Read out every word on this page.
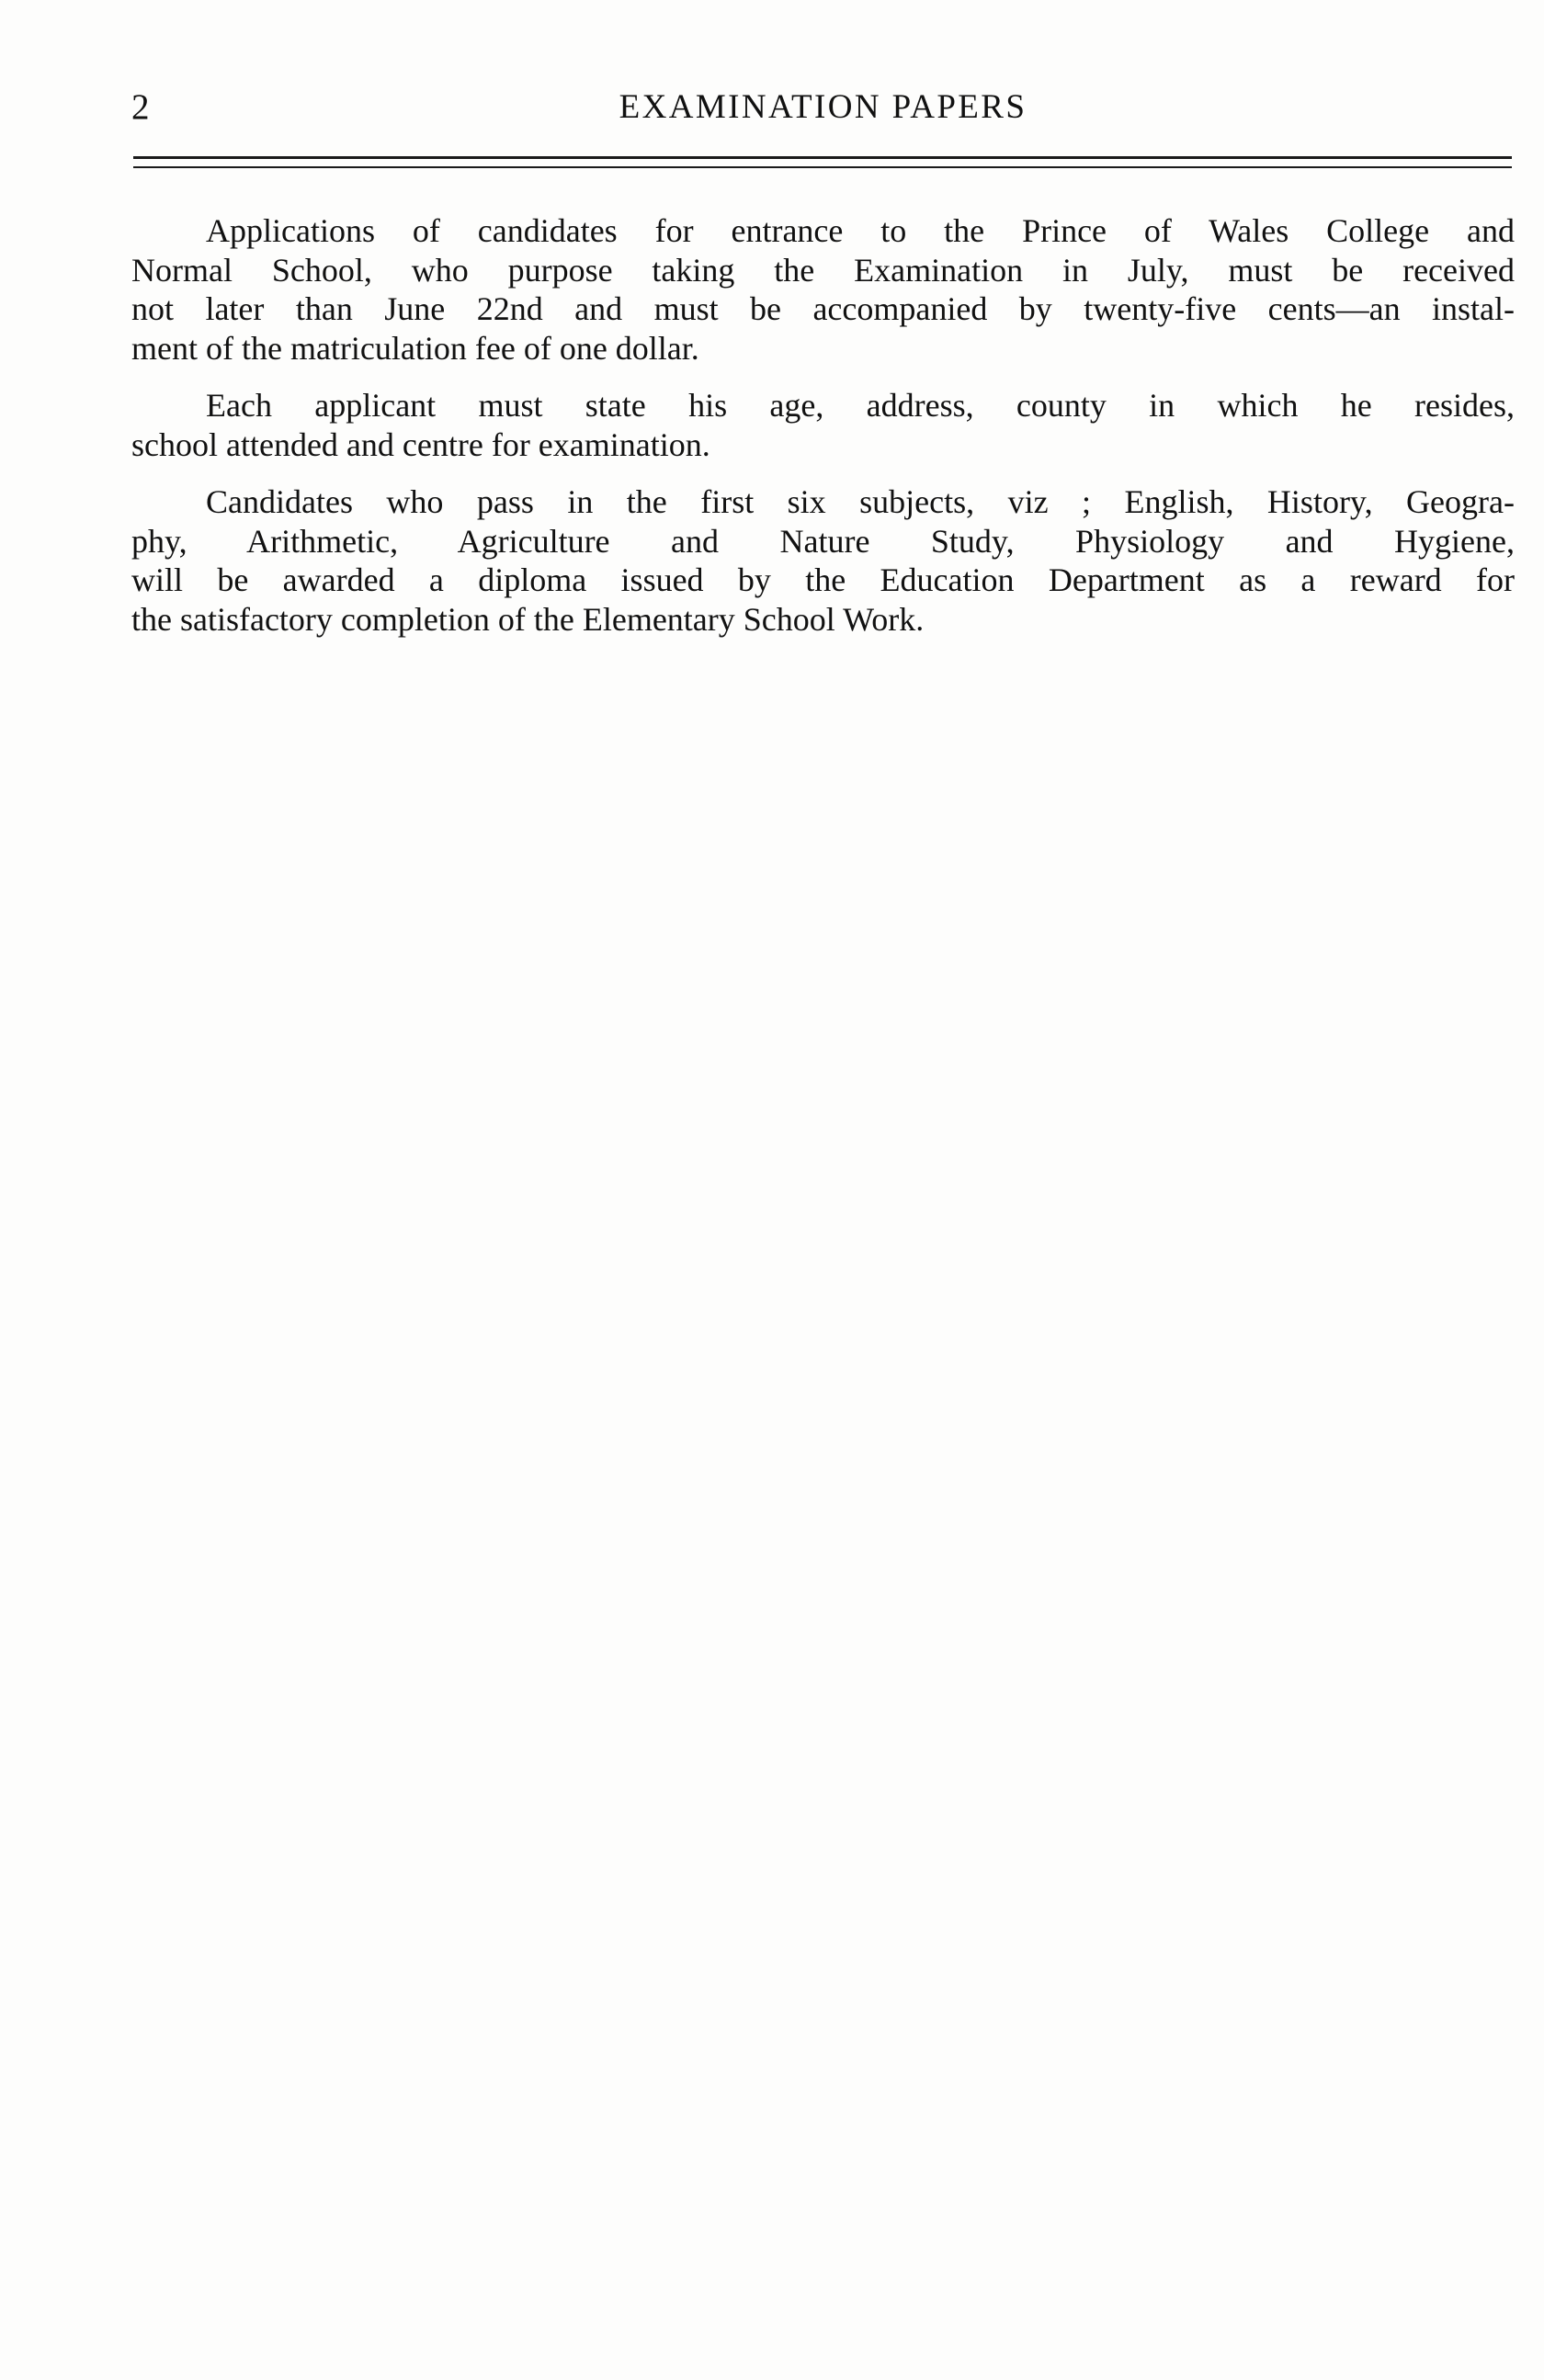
2	EXAMINATION PAPERS

Applications of candidates for entrance to the Prince of Wales College and
Normal School, who purpose taking the Examination in July, must be received
not later than June 22nd and must be accompanied by twenty-five cents—an instal-
ment of the matriculation fee of one dollar.

Each applicant must state his age, address, county in which he resides,
school attended and centre for examination.

Candidates who pass in the first six subjects, viz ; English, History, Geogra-
phy, Arithmetic, Agriculture and Nature Study, Physiology and Hygiene,
will be awarded a diploma issued by the Education Department as a reward for
the satisfactory completion of the Elementary School Work.
